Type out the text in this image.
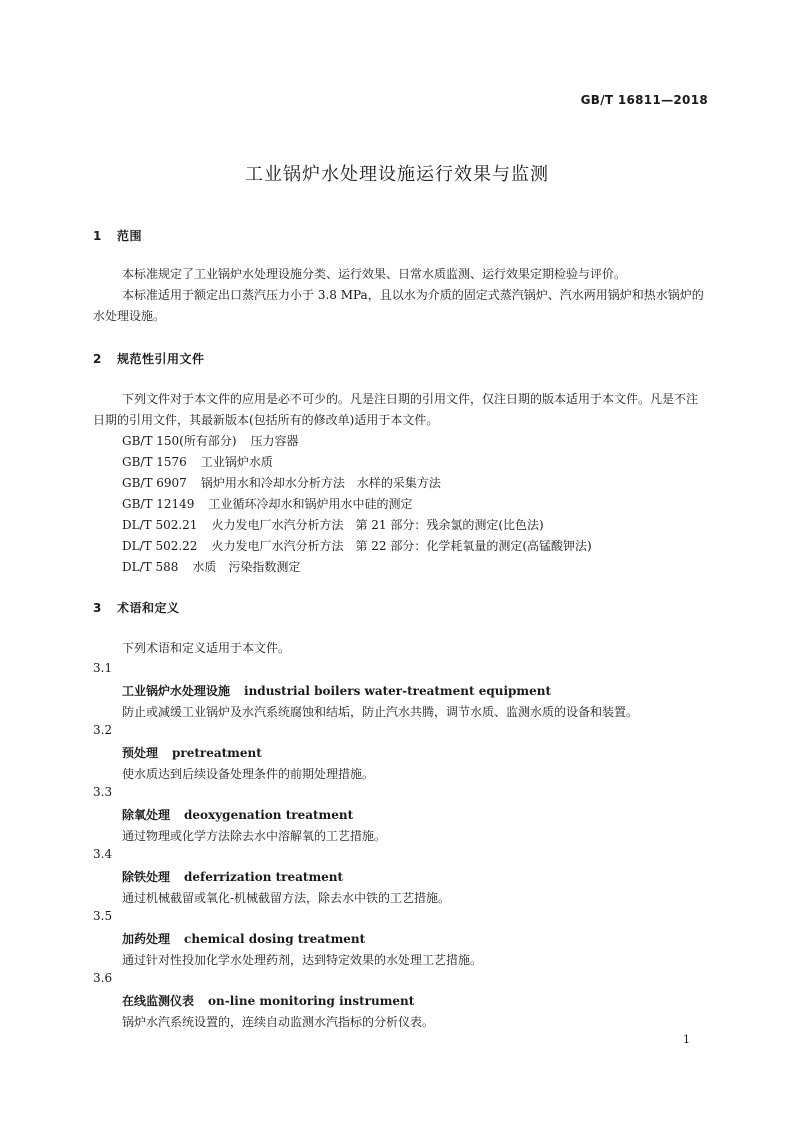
GB/T 16811—2018
工业锅炉水处理设施运行效果与监测
1 范围
本标准规定了工业锅炉水处理设施分类、运行效果、日常水质监测、运行效果定期检验与评价。
本标准适用于额定出口蒸汽压力小于 3.8 MPa，且以水为介质的固定式蒸汽锅炉、汽水两用锅炉和热水锅炉的水处理设施。
2 规范性引用文件
下列文件对于本文件的应用是必不可少的。凡是注日期的引用文件，仅注日期的版本适用于本文件。凡是不注日期的引用文件，其最新版本(包括所有的修改单)适用于本文件。
GB/T 150(所有部分) 压力容器
GB/T 1576 工业锅炉水质
GB/T 6907 锅炉用水和冷却水分析方法　水样的采集方法
GB/T 12149 工业循环冷却水和锅炉用水中硅的测定
DL/T 502.21 火力发电厂水汽分析方法　第 21 部分：残余氯的测定(比色法)
DL/T 502.22 火力发电厂水汽分析方法　第 22 部分：化学耗氧量的测定(高锰酸钾法)
DL/T 588 水质　污染指数测定
3 术语和定义
下列术语和定义适用于本文件。
3.1
工业锅炉水处理设施 industrial boilers water-treatment equipment
防止或减缓工业锅炉及水汽系统腐蚀和结垢，防止汽水共腾，调节水质、监测水质的设备和装置。
3.2
预处理 pretreatment
使水质达到后续设备处理条件的前期处理措施。
3.3
除氧处理 deoxygenation treatment
通过物理或化学方法除去水中溶解氧的工艺措施。
3.4
除铁处理 deferrization treatment
通过机械截留或氧化-机械截留方法，除去水中铁的工艺措施。
3.5
加药处理 chemical dosing treatment
通过针对性投加化学水处理药剂，达到特定效果的水处理工艺措施。
3.6
在线监测仪表 on-line monitoring instrument
锅炉水汽系统设置的，连续自动监测水汽指标的分析仪表。
1
